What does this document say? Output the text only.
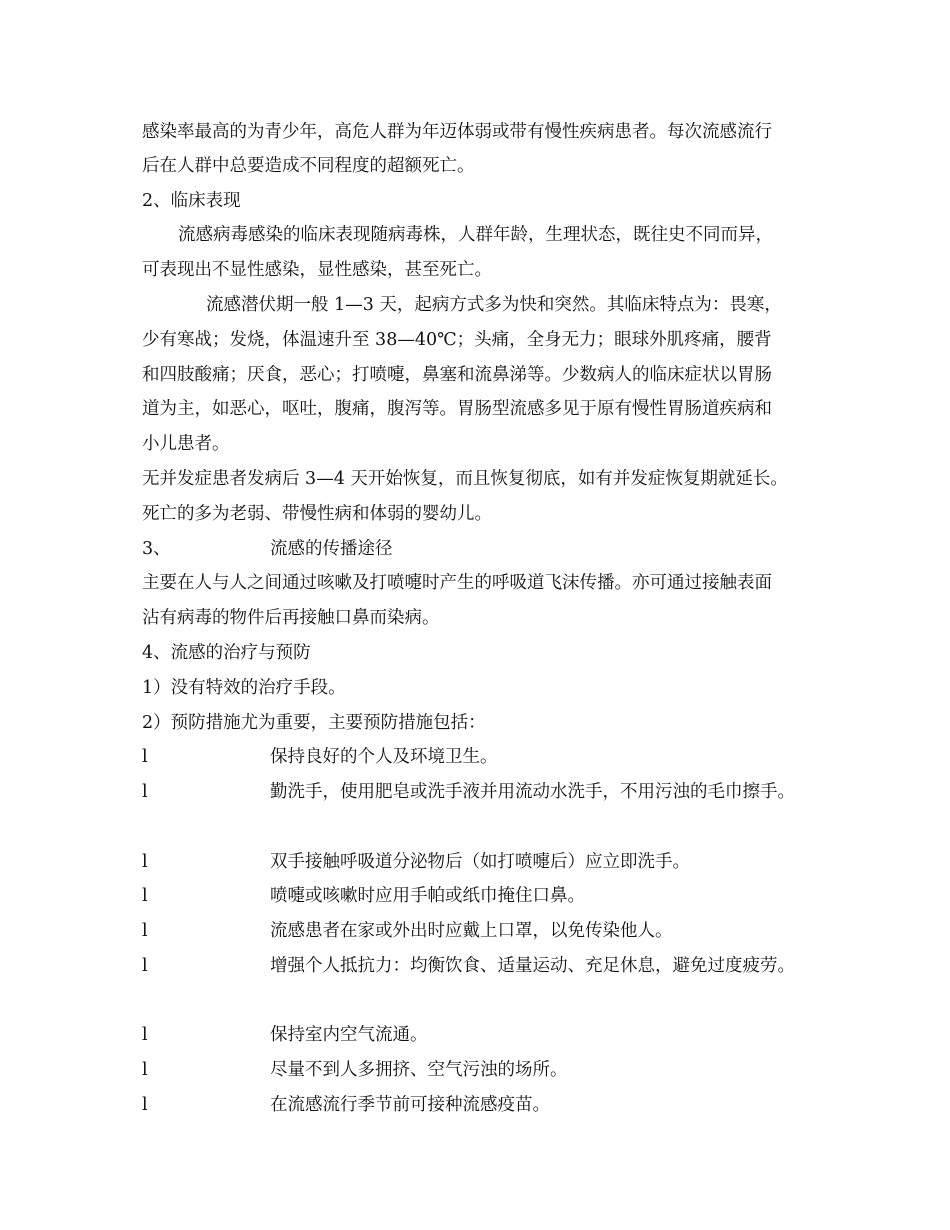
感染率最高的为青少年，高危人群为年迈体弱或带有慢性疾病患者。每次流感流行
后在人群中总要造成不同程度的超额死亡。
2、临床表现
流感病毒感染的临床表现随病毒株，人群年龄，生理状态，既往史不同而异，
可表现出不显性感染，显性感染，甚至死亡。
流感潜伏期一般 1—3 天，起病方式多为快和突然。其临床特点为：畏寒，
少有寒战；发烧，体温速升至 38—40℃；头痛，全身无力；眼球外肌疼痛，腰背
和四肢酸痛；厌食，恶心；打喷嚏，鼻塞和流鼻涕等。少数病人的临床症状以胃肠
道为主，如恶心，呕吐，腹痛，腹泻等。胃肠型流感多见于原有慢性胃肠道疾病和
小儿患者。
无并发症患者发病后 3—4 天开始恢复，而且恢复彻底，如有并发症恢复期就延长。
死亡的多为老弱、带慢性病和体弱的婴幼儿。
3、	流感的传播途径
主要在人与人之间通过咳嗽及打喷嚏时产生的呼吸道飞沫传播。亦可通过接触表面
沾有病毒的物件后再接触口鼻而染病。
4、流感的治疗与预防
1）没有特效的治疗手段。
2）预防措施尤为重要，主要预防措施包括：
l	保持良好的个人及环境卫生。
l	勤洗手，使用肥皂或洗手液并用流动水洗手，不用污浊的毛巾擦手。
l	双手接触呼吸道分泌物后（如打喷嚏后）应立即洗手。
l	喷嚏或咳嗽时应用手帕或纸巾掩住口鼻。
l	流感患者在家或外出时应戴上口罩，以免传染他人。
l	增强个人抵抗力：均衡饮食、适量运动、充足休息，避免过度疲劳。
l	保持室内空气流通。
l	尽量不到人多拥挤、空气污浊的场所。
l	在流感流行季节前可接种流感疫苗。
